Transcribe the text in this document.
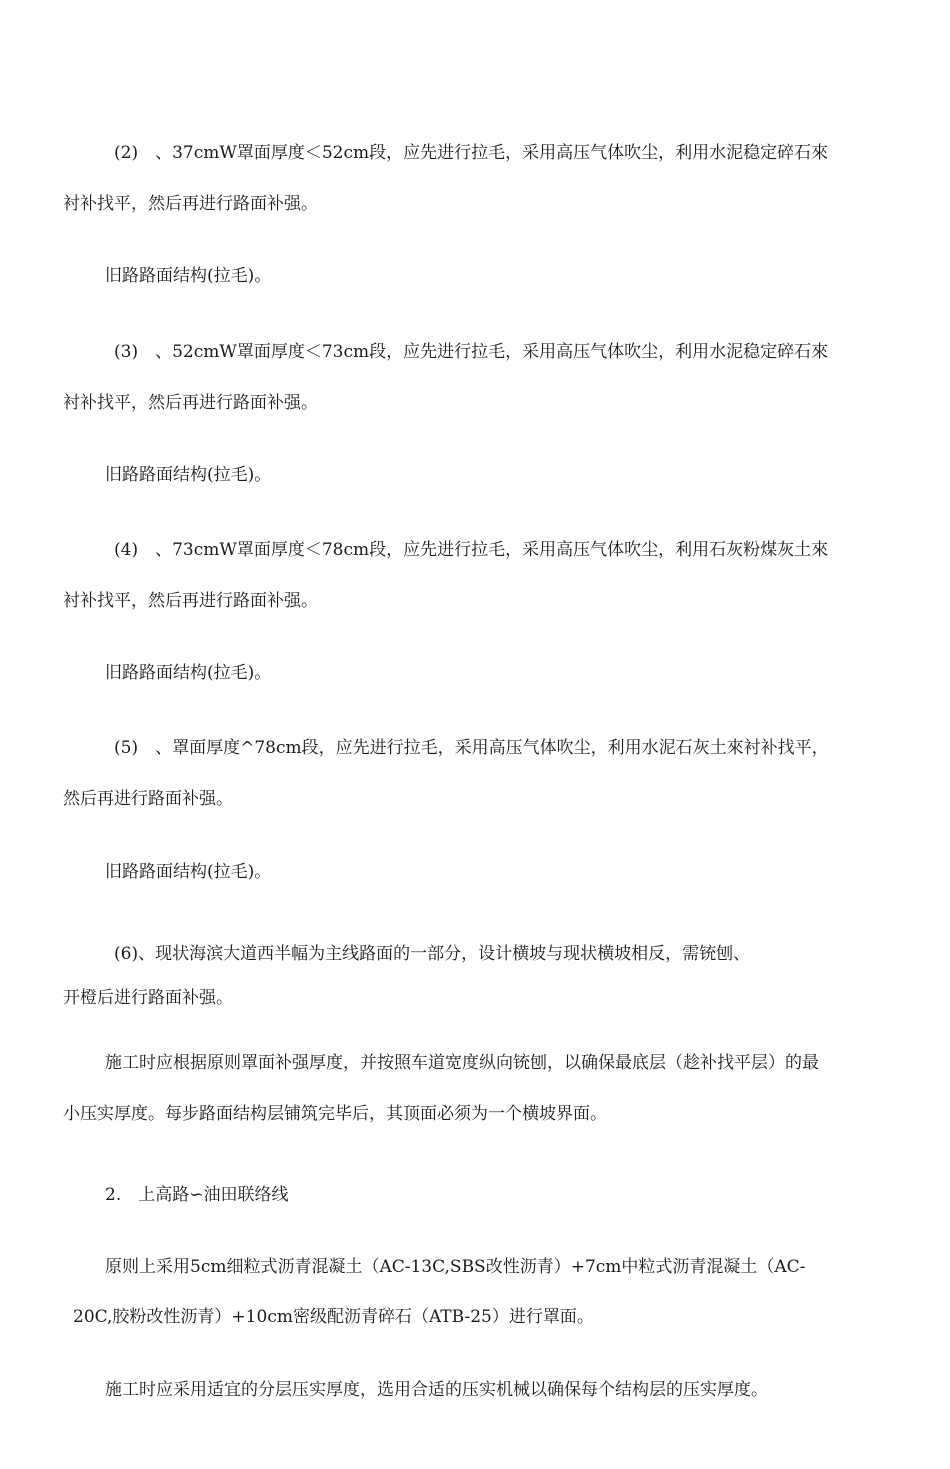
(2)　、37cmW罩面厚度＜52cm段，应先进行拉毛，采用高压气体吹尘，利用水泥稳定碎石來
衬补找平，然后再进行路面补强。
旧路路面结构(拉毛)。
(3)　、52cmW罩面厚度＜73cm段，应先进行拉毛，采用高压气体吹尘，利用水泥稳定碎石來
衬补找平，然后再进行路面补强。
旧路路面结构(拉毛)。
(4)　、73cmW罩面厚度＜78cm段，应先进行拉毛，采用高压气体吹尘，利用石灰粉煤灰土來
衬补找平，然后再进行路面补强。
旧路路面结构(拉毛)。
(5)　、罩面厚度^78cm段，应先进行拉毛，采用高压气体吹尘，利用水泥石灰土來衬补找平，
然后再进行路面补强。
旧路路面结构(拉毛)。
(6)、现状海滨大道西半幅为主线路面的一部分，设计横坡与现状横坡相反，需铳刨、
开橙后进行路面补强。
施工时应根据原则罩面补强厚度，并按照车道宽度纵向铳刨，以确保最底层（趁补找平层）的最
小压实厚度。每步路面结构层铺筑完毕后，其顶面必须为一个横坡界面。
2.　上高路∽油田联络线
原则上采用5cm细粒式沥青混凝土（AC-13C,SBS改性沥青）+7cm中粒式沥青混凝土（AC-
20C,胶粉改性沥青）+10cm密级配沥青碎石（ATB-25）进行罩面。
施工时应采用适宜的分层压实厚度，选用合适的压实机械以确保每个结构层的压实厚度。
